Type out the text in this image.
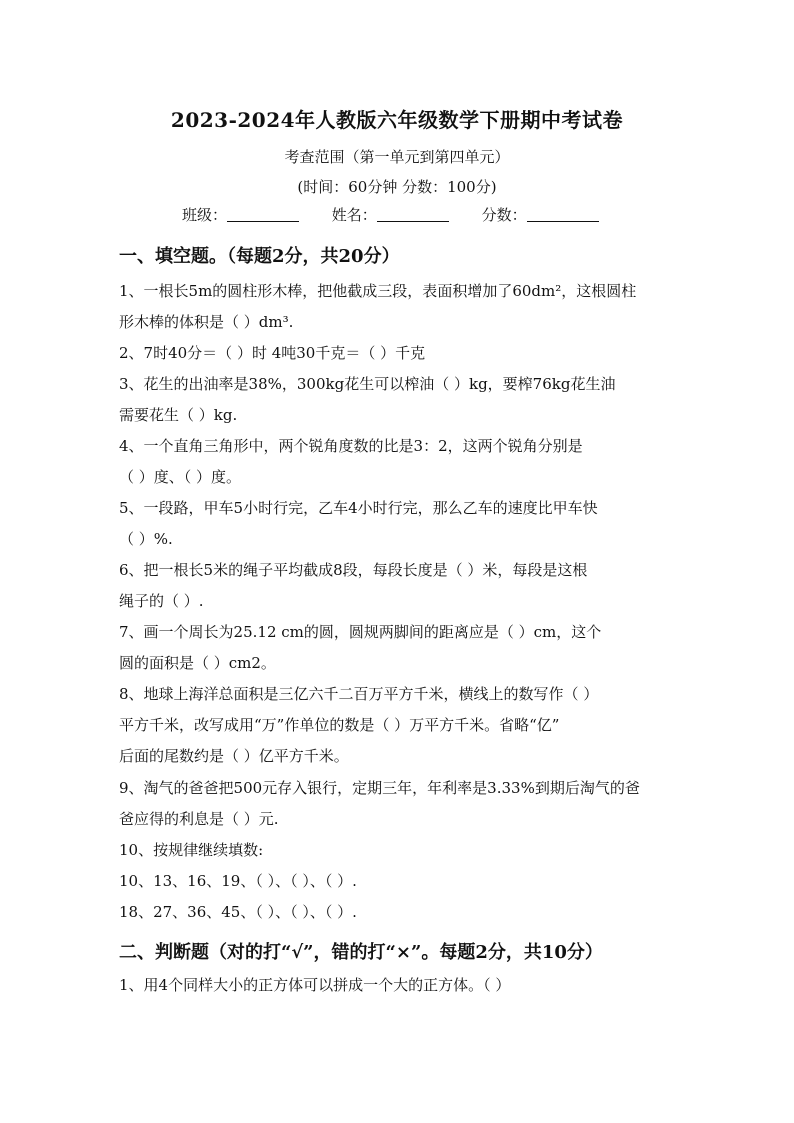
2023-2024年人教版六年级数学下册期中考试卷
考查范围（第一单元到第四单元）
(时间：60分钟 分数：100分)
班级：	姓名：	分数：
一、填空题。（每题2分，共20分）
1、一根长5m的圆柱形木棒，把他截成三段，表面积增加了60dm²，这根圆柱
形木棒的体积是（ ）dm³.
2、7时40分＝（ ）时 4吨30千克＝（ ）千克
3、花生的出油率是38%，300kg花生可以榨油（ ）kg，要榨76kg花生油
需要花生（ ）kg.
4、一个直角三角形中，两个锐角度数的比是3：2，这两个锐角分别是
（ ）度、（ ）度。
5、一段路，甲车5小时行完，乙车4小时行完，那么乙车的速度比甲车快
（ ）%.
6、把一根长5米的绳子平均截成8段，每段长度是（ ）米，每段是这根
绳子的（ ）.
7、画一个周长为25.12 cm的圆，圆规两脚间的距离应是（ ）cm，这个
圆的面积是（ ）cm2。
8、地球上海洋总面积是三亿六千二百万平方千米，横线上的数写作（ ）
平方千米，改写成用“万”作单位的数是（ ）万平方千米。省略“亿”
后面的尾数约是（ ）亿平方千米。
9、淘气的爸爸把500元存入银行，定期三年，年利率是3.33%到期后淘气的爸
爸应得的利息是（ ）元.
10、按规律继续填数:
10、13、16、19、（ ）、（ ）、（ ）.
18、27、36、45、（ ）、（ ）、（ ）.
二、判断题（对的打“√”，错的打“×”。每题2分，共10分）
1、用4个同样大小的正方体可以拼成一个大的正方体。（ ）
